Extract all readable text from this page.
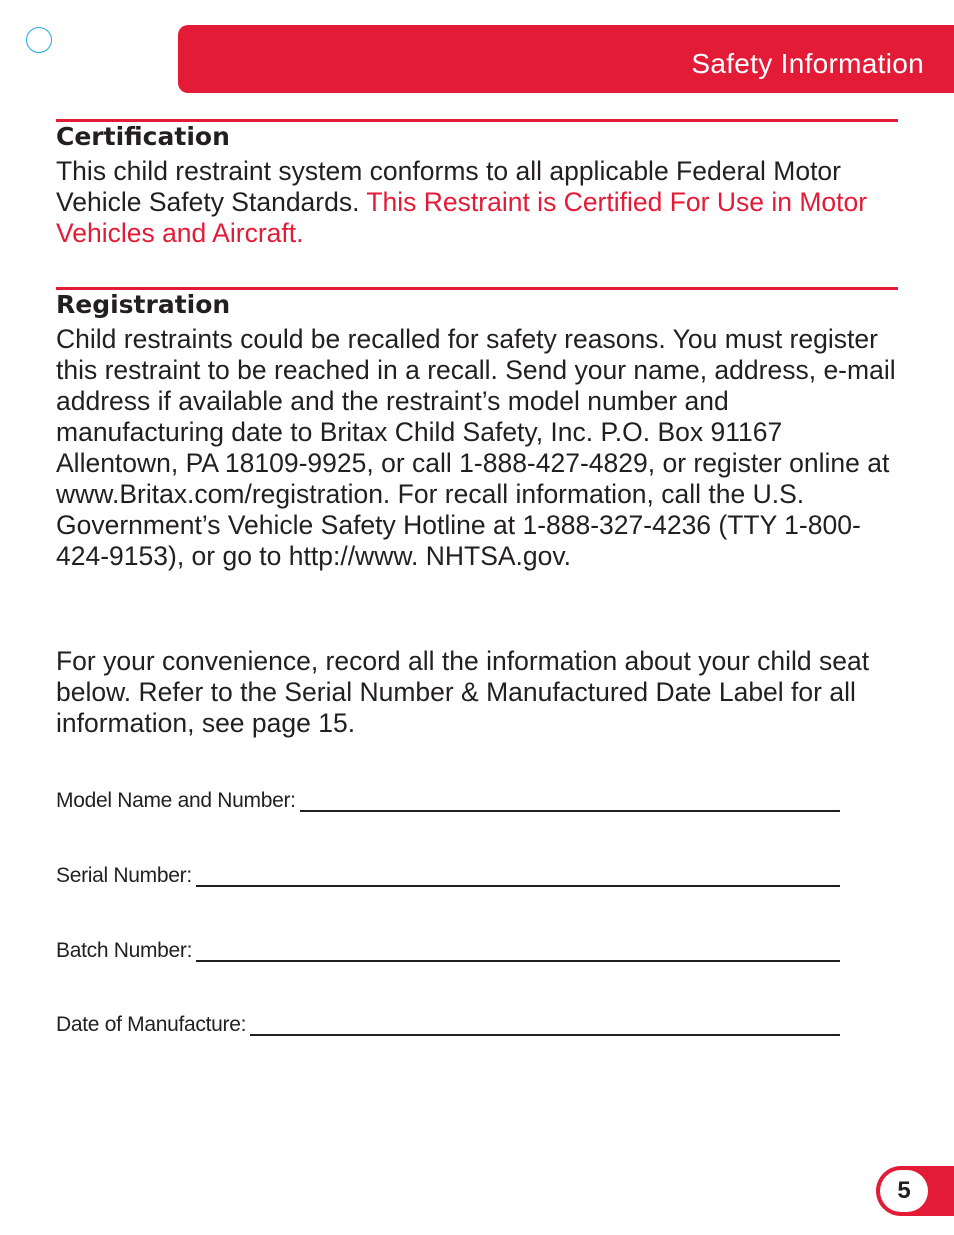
Safety Information
Certification

This child restraint system conforms to all applicable Federal Motor Vehicle Safety Standards. This Restraint is Certified For Use in Motor Vehicles and Aircraft.

Registration

Child restraints could be recalled for safety reasons. You must register this restraint to be reached in a recall. Send your name, address, e-mail address if available and the restraint’s model number and manufacturing date to Britax Child Safety, Inc. P.O. Box 91167 Allentown, PA 18109-9925, or call 1-888-427-4829, or register online at www.Britax.com/registration. For recall information, call the U.S. Government’s Vehicle Safety Hotline at 1-888-327-4236 (TTY 1-800-424-9153), or go to http://www. NHTSA.gov.

For your convenience, record all the information about your child seat below. Refer to the Serial Number & Manufactured Date Label for all information, see page 15.

Model Name and Number:
Serial Number:
Batch Number:
Date of Manufacture:
5
